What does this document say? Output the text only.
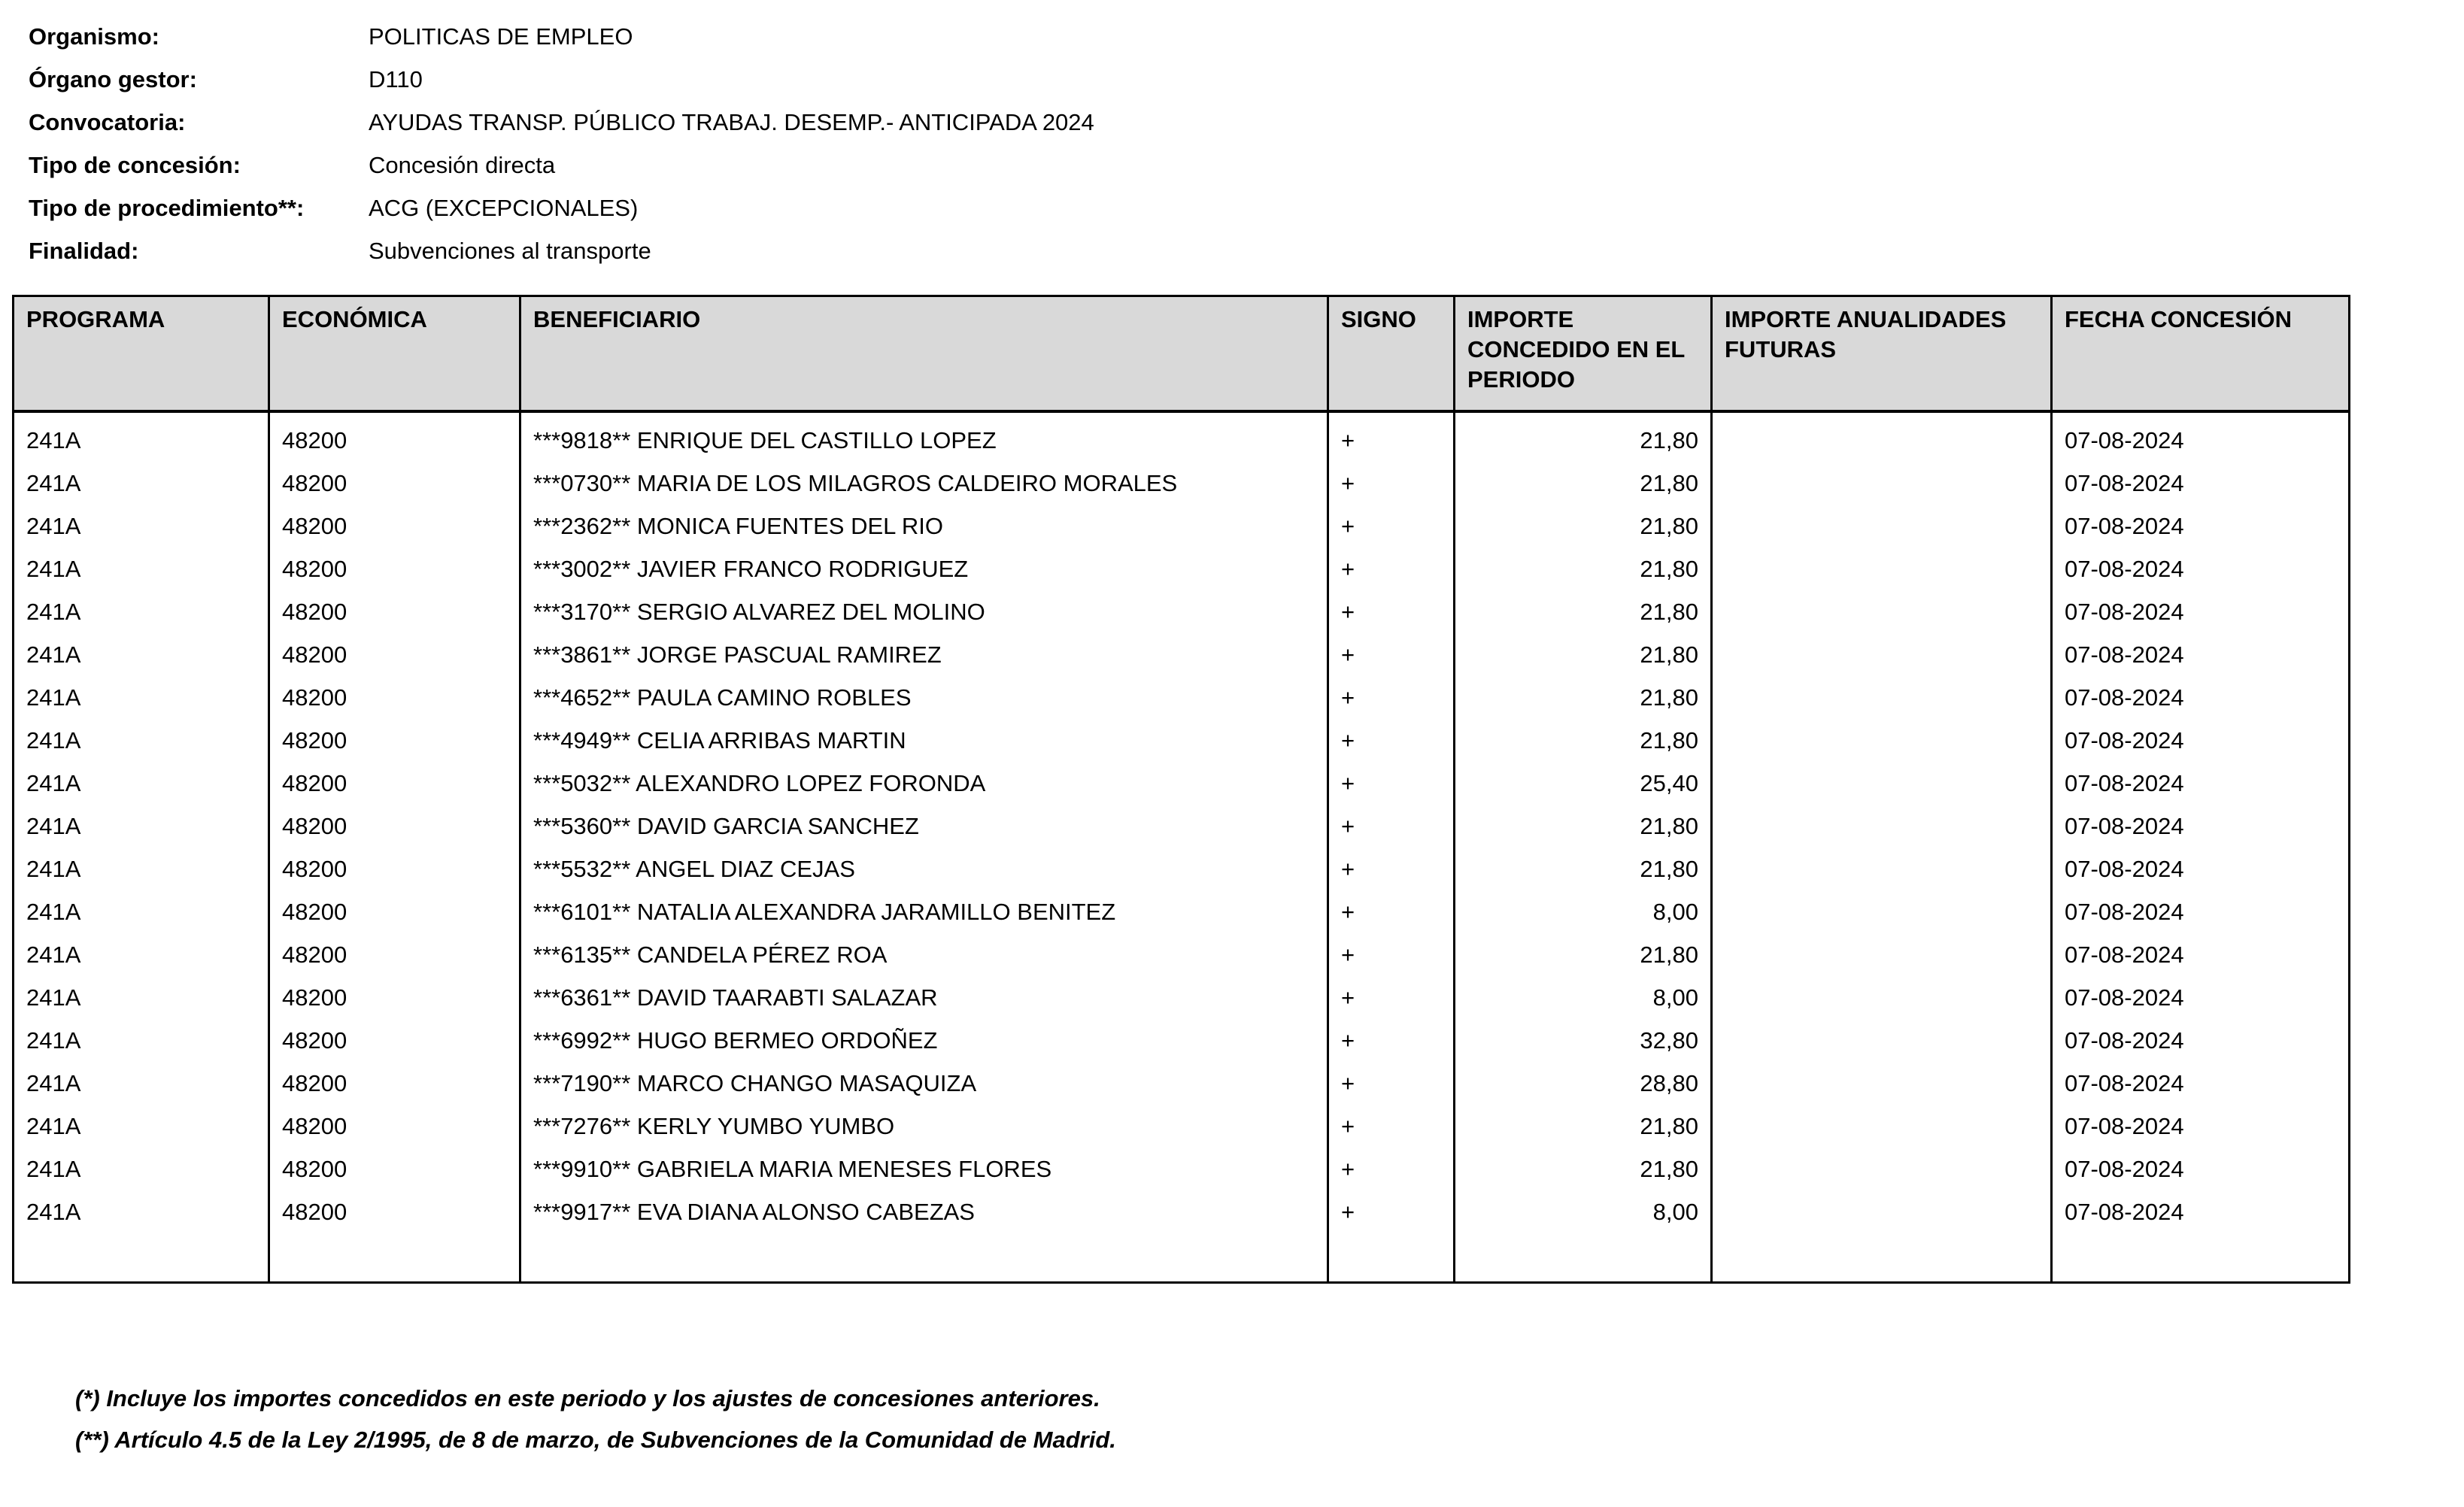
Organismo:	POLITICAS DE EMPLEO
Órgano gestor:	D110
Convocatoria:	AYUDAS TRANSP. PÚBLICO TRABAJ. DESEMP.- ANTICIPADA 2024
Tipo de concesión:	Concesión directa
Tipo de procedimiento**:	ACG (EXCEPCIONALES)
Finalidad:	Subvenciones al transporte
PROGRAMA	ECONÓMICA	BENEFICIARIO	SIGNO	IMPORTE CONCEDIDO EN EL PERIODO	IMPORTE ANUALIDADES FUTURAS	FECHA CONCESIÓN
241A	48200	***9818** ENRIQUE DEL CASTILLO LOPEZ	+	21,80		07-08-2024
241A	48200	***0730** MARIA DE LOS MILAGROS CALDEIRO MORALES	+	21,80		07-08-2024
241A	48200	***2362** MONICA FUENTES DEL RIO	+	21,80		07-08-2024
241A	48200	***3002** JAVIER FRANCO RODRIGUEZ	+	21,80		07-08-2024
241A	48200	***3170** SERGIO ALVAREZ DEL MOLINO	+	21,80		07-08-2024
241A	48200	***3861** JORGE PASCUAL RAMIREZ	+	21,80		07-08-2024
241A	48200	***4652** PAULA CAMINO ROBLES	+	21,80		07-08-2024
241A	48200	***4949** CELIA ARRIBAS MARTIN	+	21,80		07-08-2024
241A	48200	***5032** ALEXANDRO LOPEZ FORONDA	+	25,40		07-08-2024
241A	48200	***5360** DAVID GARCIA SANCHEZ	+	21,80		07-08-2024
241A	48200	***5532** ANGEL DIAZ CEJAS	+	21,80		07-08-2024
241A	48200	***6101** NATALIA ALEXANDRA JARAMILLO BENITEZ	+	8,00		07-08-2024
241A	48200	***6135** CANDELA PÉREZ ROA	+	21,80		07-08-2024
241A	48200	***6361** DAVID TAARABTI SALAZAR	+	8,00		07-08-2024
241A	48200	***6992** HUGO BERMEO ORDOÑEZ	+	32,80		07-08-2024
241A	48200	***7190** MARCO CHANGO MASAQUIZA	+	28,80		07-08-2024
241A	48200	***7276** KERLY YUMBO YUMBO	+	21,80		07-08-2024
241A	48200	***9910** GABRIELA MARIA MENESES FLORES	+	21,80		07-08-2024
241A	48200	***9917** EVA DIANA ALONSO CABEZAS	+	8,00		07-08-2024
(*) Incluye los importes concedidos en este periodo y los ajustes de concesiones anteriores.
(**) Artículo 4.5 de la Ley 2/1995, de 8 de marzo, de Subvenciones de la Comunidad de Madrid.
